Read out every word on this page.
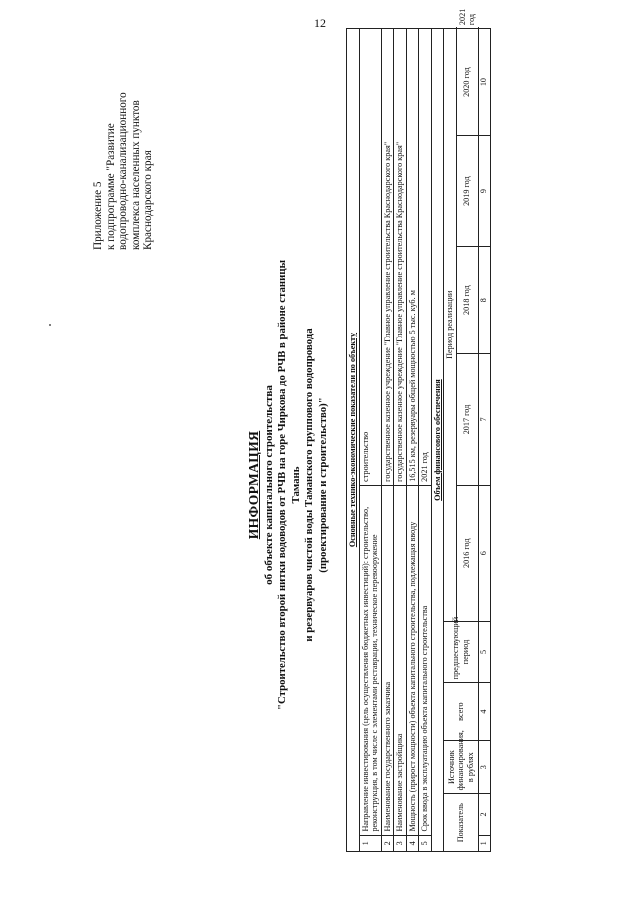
12
Приложение 5 к подпрограмме "Развитие водопроводно-канализационного комплекса населенных пунктов Краснодарского края
ИНФОРМАЦИЯ об объекте капитального строительства "Строительство второй нитки водоводов от РЧВ на горе Чиркова до РЧВ в районе станицы Тамань и резервуаров чистой воды Таманского группового водопровода (проектирование и строительство)" Основные технико-экономические показатели по объекту										
1	Направление инвестирования (цель осуществления бюджетных инвестиций): строительство, реконструкция, в том числе с элементами реставрации, техническое перевооружение					строительство				
2	Наименование государственного заказчика					государственное казенное учреждение "Главное управление строительства Краснодарского края"				
3	Наименование застройщика					государственное казенное учреждение "Главное управление строительства Краснодарского края"				
4	Мощность (прирост мощности) объекта капитального строительства, подлежащая вводу					16,515 км, резервуары общей мощностью 5 тыс. куб. м				
5	Срок ввода в эксплуатацию объекта капитального строительства					2021 год				
Объем финансового обеспечения										
Показатель		Источник финансирования, в рублях	всего	предшествующий период	Период реализации					
					2016 год	2017 год	2018 год	2019 год	2020 год	2021 год
1	2	3	4	5	6	7	8	9	10	
